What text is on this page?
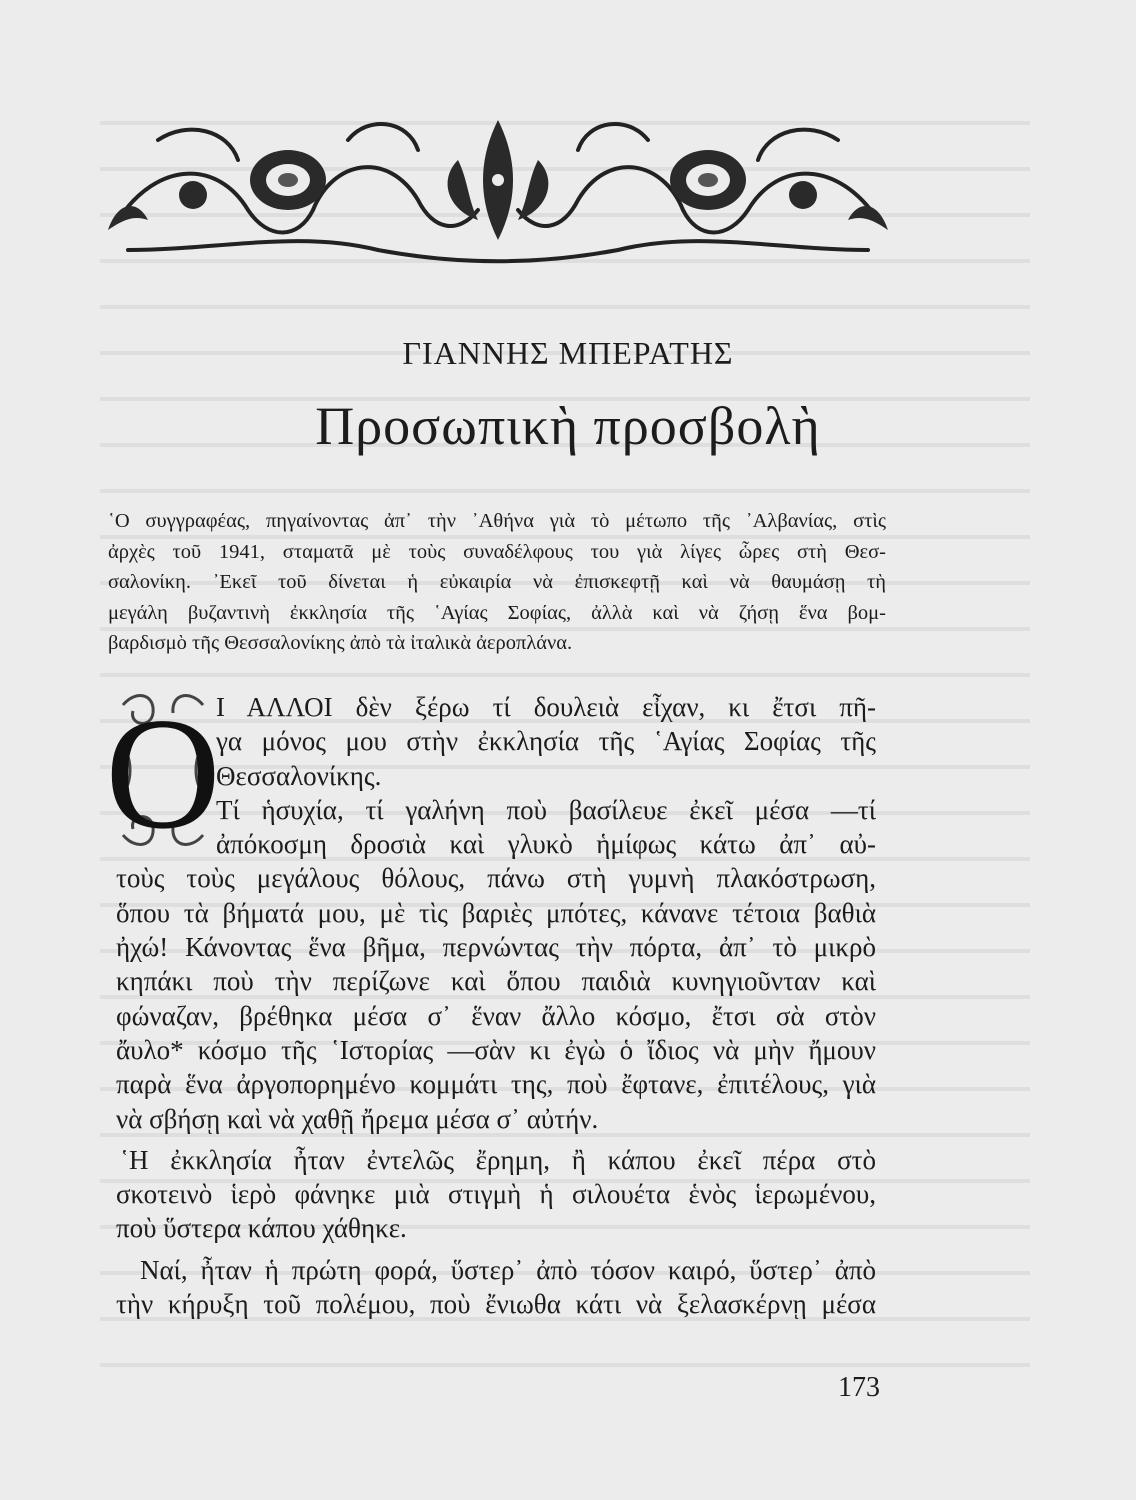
ΓΙΑΝΝΗΣ ΜΠΕΡΑΤΗΣ
Προσωπικὴ προσβολὴ
῾Ο συγγραφέας, πηγαίνοντας ἀπ᾿ τὴν ᾿Αθήνα γιὰ τὸ μέτωπο τῆς ᾿Αλβανίας, στὶς
ἀρχὲς τοῦ 1941, σταματᾶ μὲ τοὺς συναδέλφους του γιὰ λίγες ὧρες στὴ Θεσ-
σαλονίκη. ᾿Εκεῖ τοῦ δίνεται ἡ εὐκαιρία νὰ ἐπισκεφτῇ καὶ νὰ θαυμάσῃ τὴ
μεγάλη βυζαντινὴ ἐκκλησία τῆς ῾Αγίας Σοφίας, ἀλλὰ καὶ νὰ ζήσῃ ἕνα βομ-
βαρδισμὸ τῆς Θεσσαλονίκης ἀπὸ τὰ ἰταλικὰ ἀεροπλάνα.
Ο
Ι ΑΛΛΟΙ δὲν ξέρω τί δουλειὰ εἶχαν, κι ἔτσι πῆ-
γα μόνος μου στὴν ἐκκλησία τῆς ῾Αγίας Σοφίας τῆς
Θεσσαλονίκης.
Τί ἡσυχία, τί γαλήνη ποὺ βασίλευε ἐκεῖ μέσα —τί
ἀπόκοσμη δροσιὰ καὶ γλυκὸ ἡμίφως κάτω ἀπ᾿ αὐ-
τοὺς τοὺς μεγάλους θόλους, πάνω στὴ γυμνὴ πλακόστρωση,
ὅπου τὰ βήματά μου, μὲ τὶς βαριὲς μπότες, κάνανε τέτοια βαθιὰ
ἠχώ! Κάνοντας ἕνα βῆμα, περνώντας τὴν πόρτα, ἀπ᾿ τὸ μικρὸ
κηπάκι ποὺ τὴν περίζωνε καὶ ὅπου παιδιὰ κυνηγιοῦνταν καὶ
φώναζαν, βρέθηκα μέσα σ᾿ ἕναν ἄλλο κόσμο, ἔτσι σὰ στὸν
ἄυλο* κόσμο τῆς ῾Ιστορίας —σὰν κι ἐγὼ ὁ ἴδιος νὰ μὴν ἤμουν
παρὰ ἕνα ἀργοπορημένο κομμάτι της, ποὺ ἔφτανε, ἐπιτέλους, γιὰ
νὰ σβήσῃ καὶ νὰ χαθῇ ἤρεμα μέσα σ᾿ αὐτήν.
῾Η ἐκκλησία ἦταν ἐντελῶς ἔρημη, ἢ κάπου ἐκεῖ πέρα στὸ
σκοτεινὸ ἱερὸ φάνηκε μιὰ στιγμὴ ἡ σιλουέτα ἑνὸς ἱερωμένου,
ποὺ ὕστερα κάπου χάθηκε.
Ναί, ἦταν ἡ πρώτη φορά, ὕστερ᾿ ἀπὸ τόσον καιρό, ὕστερ᾿ ἀπὸ
τὴν κήρυξη τοῦ πολέμου, ποὺ ἔνιωθα κάτι νὰ ξελασκέρνῃ μέσα
173
